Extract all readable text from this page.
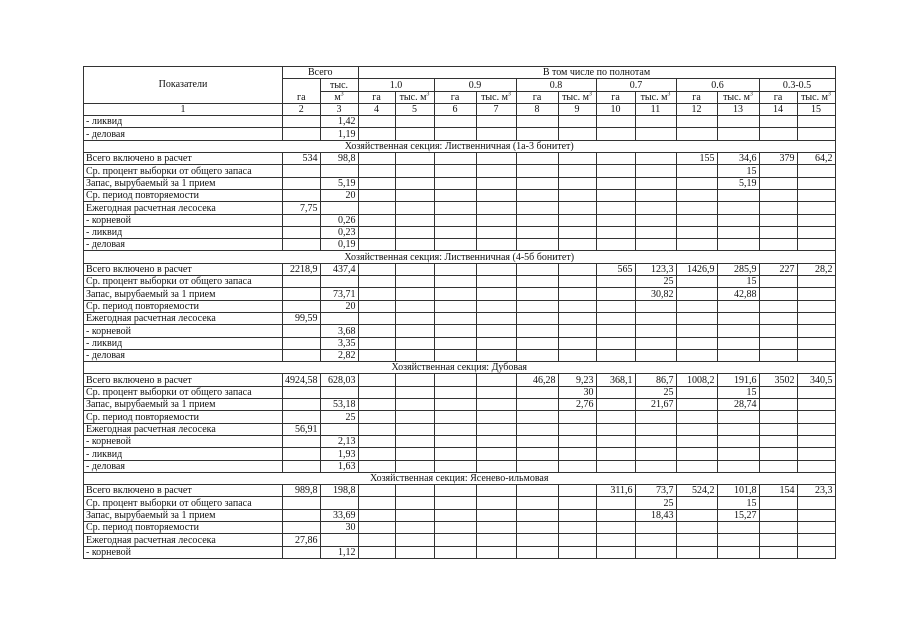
Показатели	Всего		В том числе по полнотам											
	га	тыс.	1.0		0.9		0.8		0.7		0.6		0.3-0.5	
		$м^3$	га	тыс. $м^3$	га	тыс. $м^3$	га	тыс. $м^3$	га	тыс. $м^3$	га	тыс. $м^3$	га	тыс. $м^3$
1	2	3	4	5	6	7	8	9	10	11	12	13	14	15
- ликвид		1,42												
- деловая		1,19												
Хозяйственная секция: Лиственничная (1а-3 бонитет)														
Всего включено в расчет	534	98,8									155	34,6	379	64,2
Ср. процент выборки от общего запаса												15		
Запас, вырубаемый за 1 прием		5,19										5,19		
Ср. период повторяемости		20												
Ежегодная расчетная лесосека	7,75													
- корневой		0,26												
- ликвид		0,23												
- деловая		0,19												
Хозяйственная секция: Лиственничная (4-5б бонитет)														
Всего включено в расчет	2218,9	437,4							565	123,3	1426,9	285,9	227	28,2
Ср. процент выборки от общего запаса										25		15		
Запас, вырубаемый за 1 прием		73,71								30,82		42,88		
Ср. период повторяемости		20												
Ежегодная расчетная лесосека	99,59													
- корневой		3,68												
- ликвид		3,35												
- деловая		2,82												
Хозяйственная секция: Дубовая														
Всего включено в расчет	4924,58	628,03					46,28	9,23	368,1	86,7	1008,2	191,6	3502	340,5
Ср. процент выборки от общего запаса								30		25		15		
Запас, вырубаемый за 1 прием		53,18						2,76		21,67		28,74		
Ср. период повторяемости		25												
Ежегодная расчетная лесосека	56,91													
- корневой		2,13												
- ликвид		1,93												
- деловая		1,63												
Хозяйственная секция: Ясеневo-ильмовая														
Всего включено в расчет	989,8	198,8							311,6	73,7	524,2	101,8	154	23,3
Ср. процент выборки от общего запаса										25		15		
Запас, вырубаемый за 1 прием		33,69								18,43		15,27		
Ср. период повторяемости		30												
Ежегодная расчетная лесосека	27,86													
- корневой		1,12												
